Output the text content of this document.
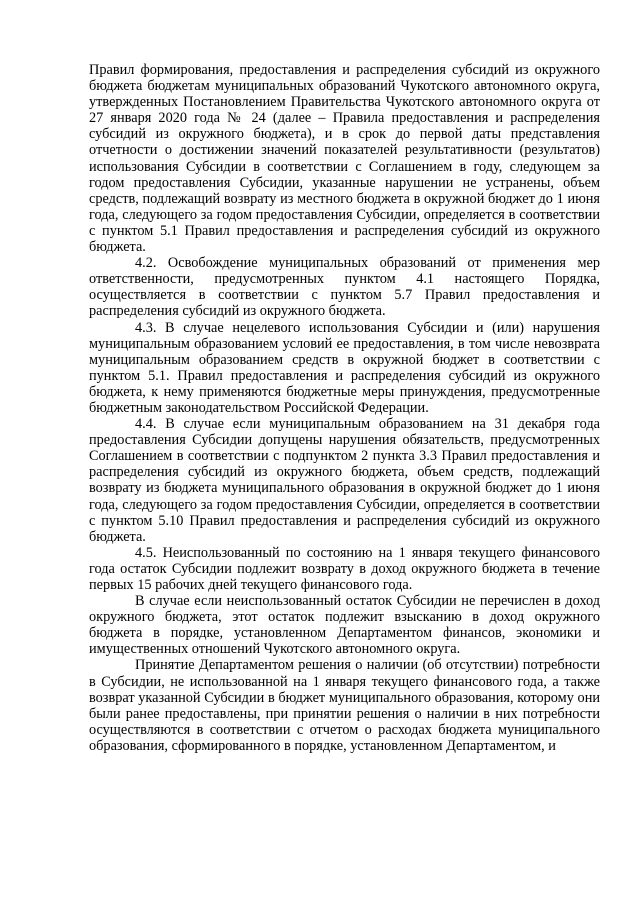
Правил формирования, предоставления и распределения субсидий из окружного бюджета бюджетам муниципальных образований Чукотского автономного округа, утвержденных Постановлением Правительства Чукотского автономного округа от 27 января 2020 года № 24 (далее – Правила предоставления и распределения субсидий из окружного бюджета), и в срок до первой даты представления отчетности о достижении значений показателей результативности (результатов) использования Субсидии в соответствии с Соглашением в году, следующем за годом предоставления Субсидии, указанные нарушении не устранены, объем средств, подлежащий возврату из местного бюджета в окружной бюджет до 1 июня года, следующего за годом предоставления Субсидии, определяется в соответствии с пунктом 5.1 Правил предоставления и распределения субсидий из окружного бюджета.

4.2. Освобождение муниципальных образований от применения мер ответственности, предусмотренных пунктом 4.1 настоящего Порядка, осуществляется в соответствии с пунктом 5.7 Правил предоставления и распределения субсидий из окружного бюджета.

4.3. В случае нецелевого использования Субсидии и (или) нарушения муниципальным образованием условий ее предоставления, в том числе невозврата муниципальным образованием средств в окружной бюджет в соответствии с пунктом 5.1. Правил предоставления и распределения субсидий из окружного бюджета, к нему применяются бюджетные меры принуждения, предусмотренные бюджетным законодательством Российской Федерации.

4.4. В случае если муниципальным образованием на 31 декабря года предоставления Субсидии допущены нарушения обязательств, предусмотренных Соглашением в соответствии с подпунктом 2 пункта 3.3 Правил предоставления и распределения субсидий из окружного бюджета, объем средств, подлежащий возврату из бюджета муниципального образования в окружной бюджет до 1 июня года, следующего за годом предоставления Субсидии, определяется в соответствии с пунктом 5.10 Правил предоставления и распределения субсидий из окружного бюджета.

4.5. Неиспользованный по состоянию на 1 января текущего финансового года остаток Субсидии подлежит возврату в доход окружного бюджета в течение первых 15 рабочих дней текущего финансового года.

В случае если неиспользованный остаток Субсидии не перечислен в доход окружного бюджета, этот остаток подлежит взысканию в доход окружного бюджета в порядке, установленном Департаментом финансов, экономики и имущественных отношений Чукотского автономного округа.

Принятие Департаментом решения о наличии (об отсутствии) потребности в Субсидии, не использованной на 1 января текущего финансового года, а также возврат указанной Субсидии в бюджет муниципального образования, которому они были ранее предоставлены, при принятии решения о наличии в них потребности осуществляются в соответствии с отчетом о расходах бюджета муниципального образования, сформированного в порядке, установленном Департаментом, и
